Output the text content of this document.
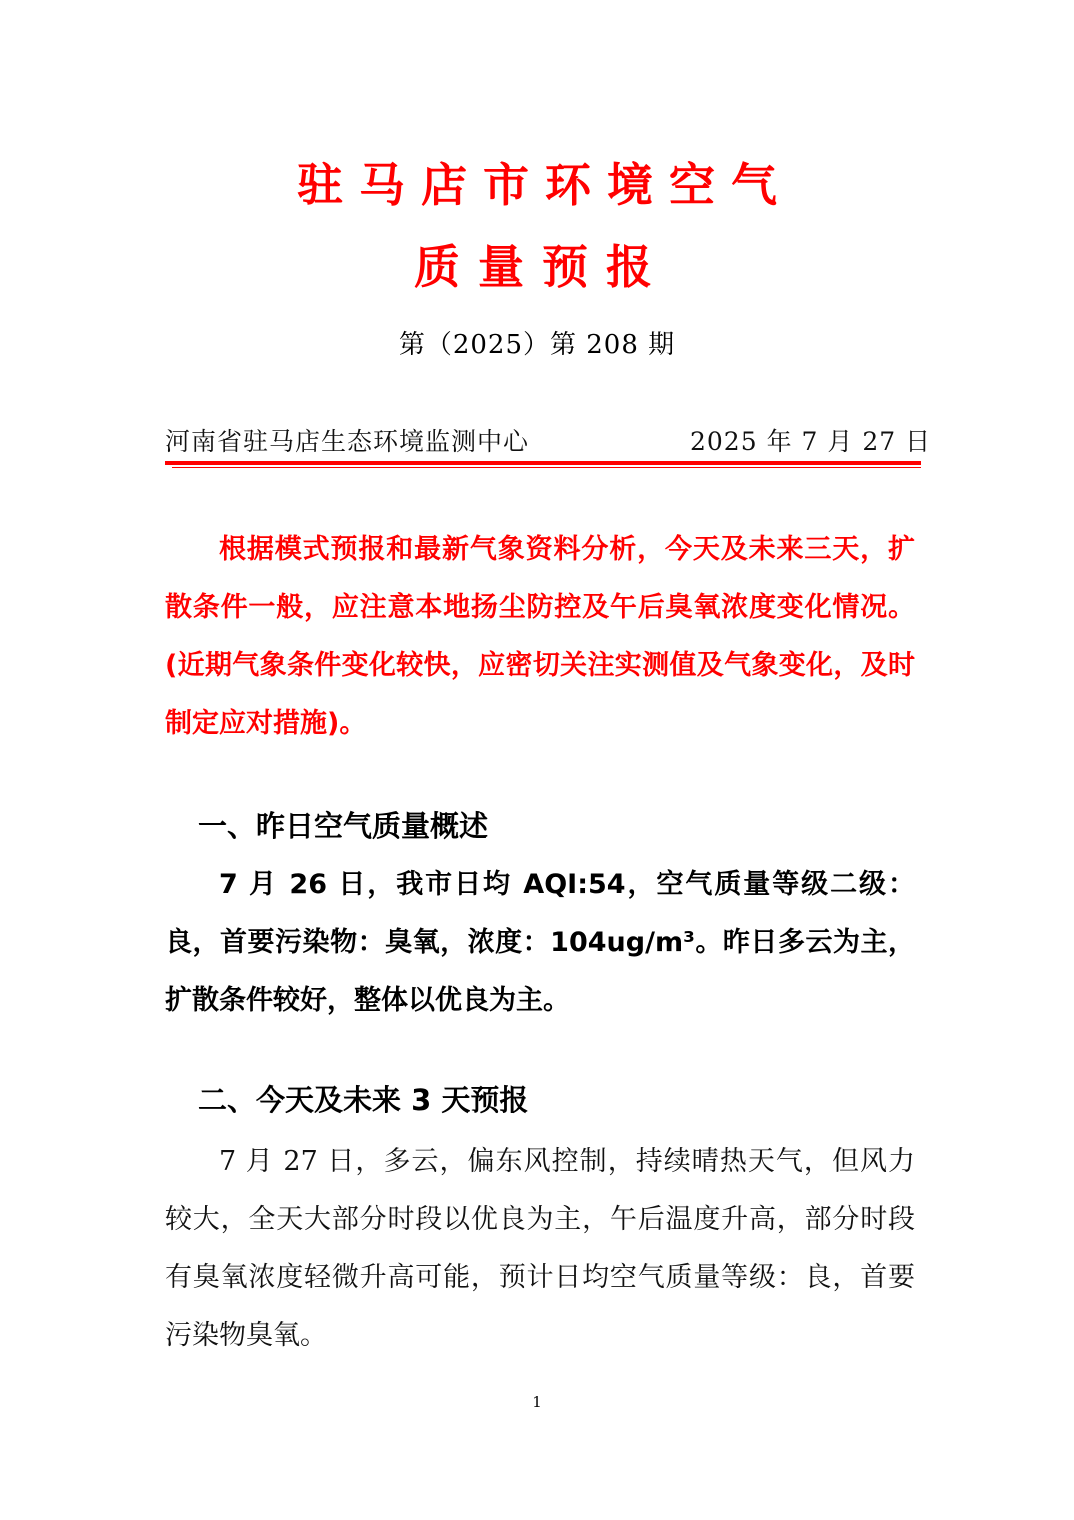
驻马店市环境空气
质量预报
第（2025）第 208 期
河南省驻马店生态环境监测中心	2025 年 7 月 27 日

根据模式预报和最新气象资料分析，今天及未来三天，扩散条件一般，应注意本地扬尘防控及午后臭氧浓度变化情况。(近期气象条件变化较快，应密切关注实测值及气象变化，及时制定应对措施)。

一、昨日空气质量概述

7 月 26 日，我市日均 AQI:54，空气质量等级二级：良，首要污染物：臭氧，浓度：104ug/m³。昨日多云为主，扩散条件较好，整体以优良为主。

二、今天及未来 3 天预报

7 月 27 日，多云，偏东风控制，持续晴热天气，但风力较大，全天大部分时段以优良为主，午后温度升高，部分时段有臭氧浓度轻微升高可能，预计日均空气质量等级：良，首要污染物臭氧。

1
